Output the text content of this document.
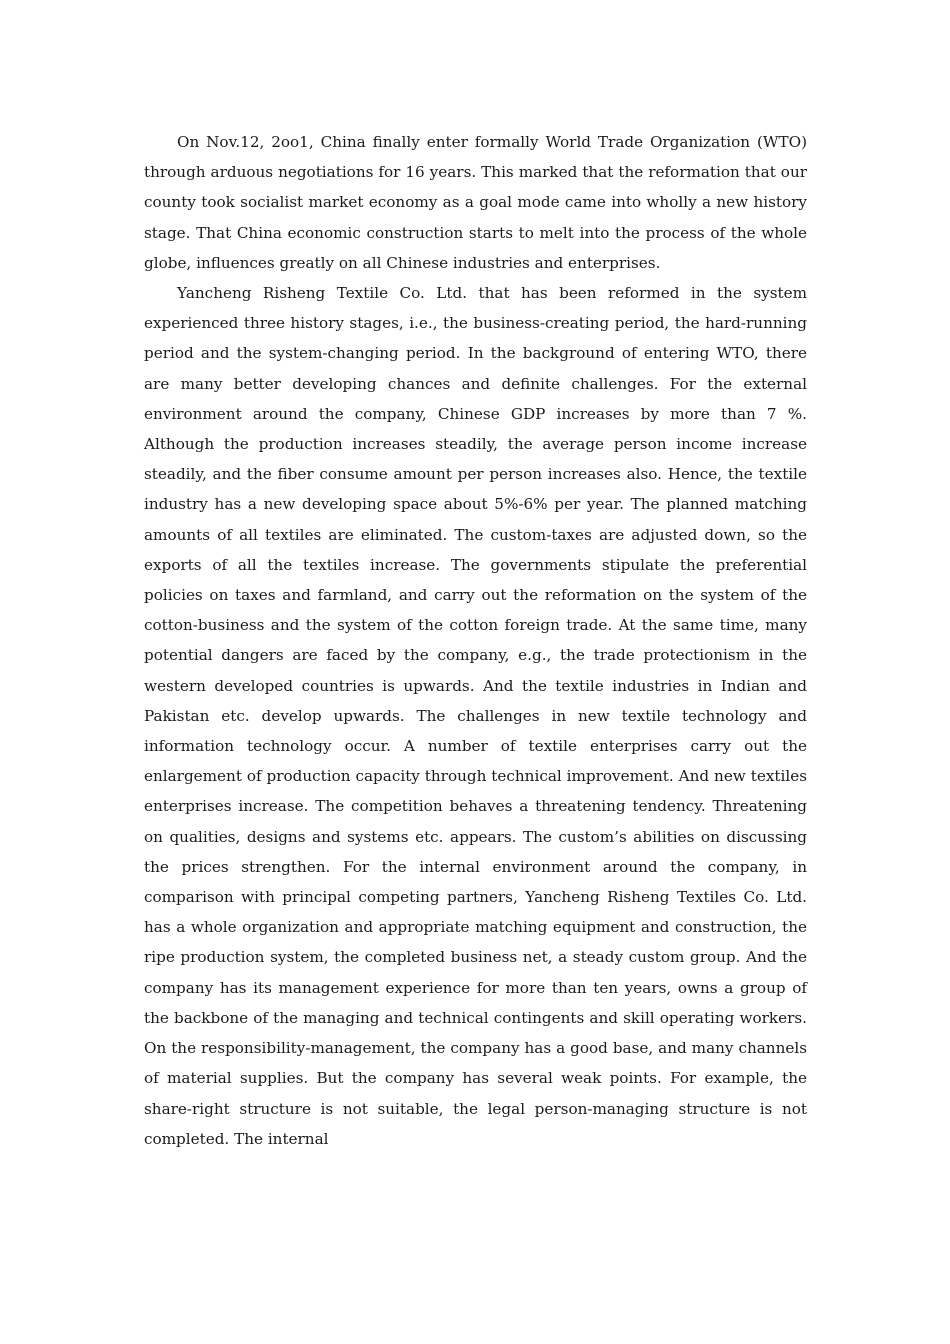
On Nov.12, 2oo1, China finally enter formally World Trade Organization (WTO) through arduous negotiations for 16 years. This marked that the reformation that our county took socialist market economy as a goal mode came into wholly a new history stage. That China economic construction starts to melt into the process of the whole globe, influences greatly on all Chinese industries and enterprises.

Yancheng Risheng Textile Co. Ltd. that has been reformed in the system experienced three history stages, i.e., the business-creating period, the hard-running period and the system-changing period. In the background of entering WTO, there are many better developing chances and definite challenges. For the external environment around the company, Chinese GDP increases by more than 7 %. Although the production increases steadily, the average person income increase steadily, and the fiber consume amount per person increases also. Hence, the textile industry has a new developing space about 5%-6% per year. The planned matching amounts of all textiles are eliminated. The custom-taxes are adjusted down, so the exports of all the textiles increase. The governments stipulate the preferential policies on taxes and farmland, and carry out the reformation on the system of the cotton-business and the system of the cotton foreign trade. At the same time, many potential dangers are faced by the company, e.g., the trade protectionism in the western developed countries is upwards. And the textile industries in Indian and Pakistan etc. develop upwards. The challenges in new textile technology and information technology occur. A number of textile enterprises carry out the enlargement of production capacity through technical improvement. And new textiles enterprises increase. The competition behaves a threatening tendency. Threatening on qualities, designs and systems etc. appears. The custom’s abilities on discussing the prices strengthen. For the internal environment around the company, in comparison with principal competing partners, Yancheng Risheng Textiles Co. Ltd. has a whole organization and appropriate matching equipment and construction, the ripe production system, the completed business net, a steady custom group. And the company has its management experience for more than ten years, owns a group of the backbone of the managing and technical contingents and skill operating workers. On the responsibility-management, the company has a good base, and many channels of material supplies. But the company has several weak points. For example, the share-right structure is not suitable, the legal person-managing structure is not completed. The internal
